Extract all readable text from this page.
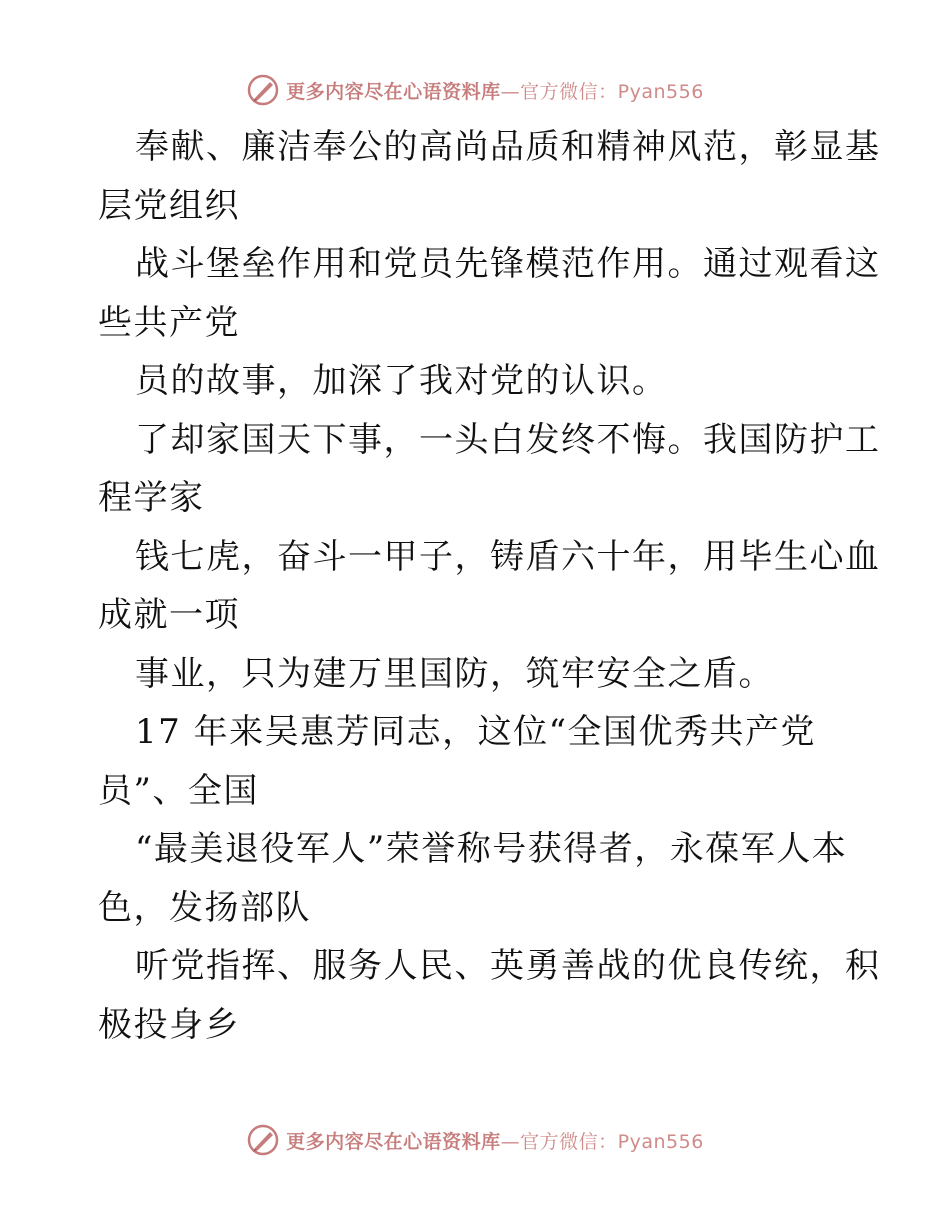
更多内容尽在心语资料库—官方微信：Pyan556
奉献、廉洁奉公的高尚品质和精神风范，彰显基
层党组织
战斗堡垒作用和党员先锋模范作用。通过观看这
些共产党
员的故事，加深了我对党的认识。
了却家国天下事，一头白发终不悔。我国防护工
程学家
钱七虎，奋斗一甲子，铸盾六十年，用毕生心血
成就一项
事业，只为建万里国防，筑牢安全之盾。
17 年来吴惠芳同志，这位“全国优秀共产党
员”、全国
“最美退役军人”荣誉称号获得者，永葆军人本
色，发扬部队
听党指挥、服务人民、英勇善战的优良传统，积
极投身乡
更多内容尽在心语资料库—官方微信：Pyan556
